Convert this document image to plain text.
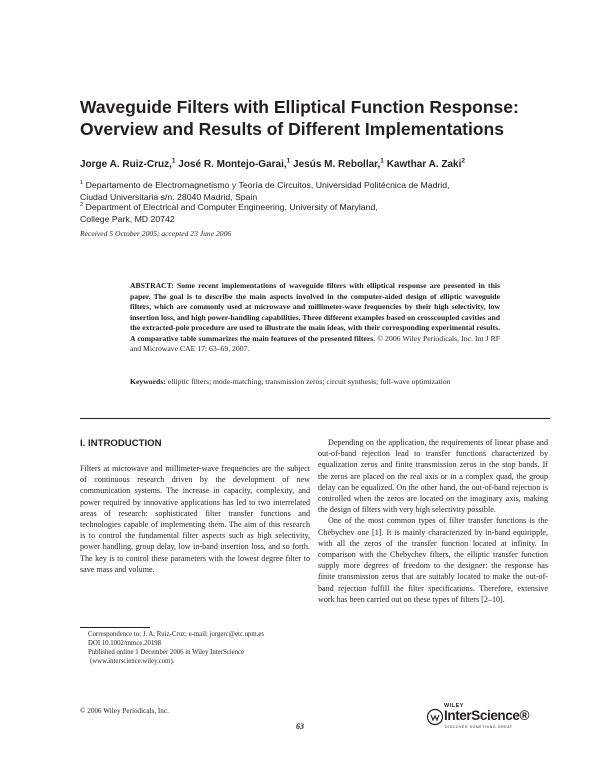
Waveguide Filters with Elliptical Function Response:
Overview and Results of Different Implementations
Jorge A. Ruiz-Cruz,$^1$ José R. Montejo-Garai,$^1$ Jesús M. Rebollar,$^1$ Kawthar A. Zaki$^2$
$^1$ Departamento de Electromagnetismo y Teoría de Circuitos, Universidad Politécnica de Madrid,
Ciudad Universitaria s/n. 28040 Madrid, Spain
$^2$ Department of Electrical and Computer Engineering, University of Maryland,
College Park, MD 20742
Received 5 October 2005; accepted 23 June 2006
ABSTRACT: Some recent implementations of waveguide filters with elliptical response are presented in this paper. The goal is to describe the main aspects involved in the computer-aided design of elliptic waveguide filters, which are commonly used at microwave and millimeter-wave frequencies by their high selectivity, low insertion loss, and high power-handling capabilities. Three different examples based on crosscoupled cavities and the extracted-pole procedure are used to illustrate the main ideas, with their corresponding experimental results. A comparative table summarizes the main features of the presented filters. © 2006 Wiley Periodicals, Inc. Int J RF and Microwave CAE 17: 63–69, 2007.
Keywords: elliptic filters; mode-matching; transmission zeros; circuit synthesis; full-wave optimization
I. INTRODUCTION

Filters at microwave and millimeter-wave frequencies are the subject of continuous research driven by the development of new communication systems. The increase in capacity, complexity, and power required by innovative applications has led to two interrelated areas of research: sophisticated filter transfer functions and technologies capable of implementing them. The aim of this research is to control the fundamental filter aspects such as high selectivity, power handling, group delay, low in-band insertion loss, and so forth. The key is to control these parameters with the lowest degree filter to save mass and volume.

Depending on the application, the requirements of linear phase and out-of-band rejection lead to transfer functions characterized by equalization zeros and finite transmission zeros in the stop bands. If the zeros are placed on the real axis or in a complex quad, the group delay can be equalized. On the other hand, the out-of-band rejection is controlled when the zeros are located on the imaginary axis, making the design of filters with very high selectivity possible.

One of the most common types of filter transfer functions is the Chebychev one [1]. It is mainly characterized by in-band equiripple, with all the zeros of the transfer function located at infinity. In comparison with the Chebychev filters, the elliptic transfer function supply more degrees of freedom to the designer: the response has finite transmission zeros that are suitably located to make the out-of-band rejection fulfill the filter specifications. Therefore, extensive work has been carried out on these types of filters [2–10].

Correspondence to: J. A. Ruiz-Cruz; e-mail: jorgerc@etc.upm.es

DOI 10.1002/mmce.20198

Published online 1 December 2006 in Wiley InterScience (www.interscience.wiley.com).

© 2006 Wiley Periodicals, Inc.
63
WILEY
InterScience®
DISCOVER SOMETHING GREAT
